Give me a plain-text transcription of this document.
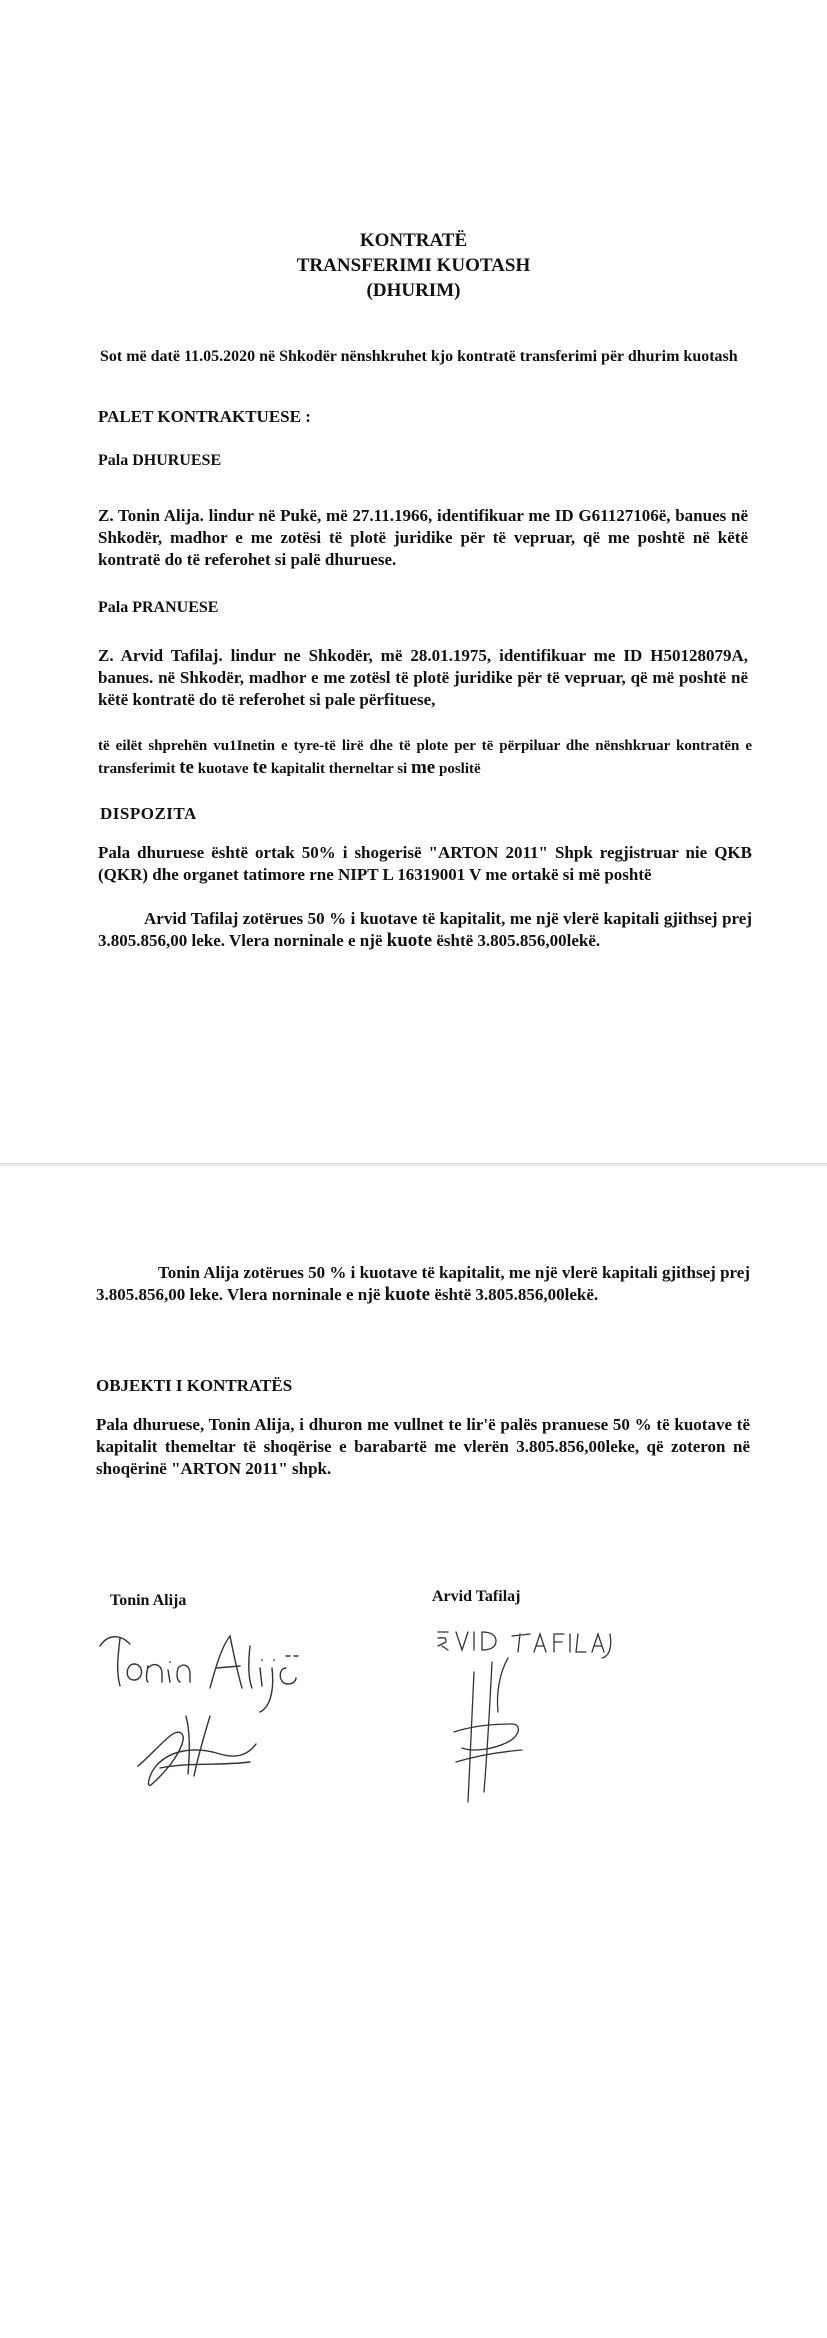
KONTRATË
TRANSFERIMI KUOTASH
(DHURIM)
Sot më datë 11.05.2020 në Shkodër nënshkruhet kjo kontratë transferimi për dhurim kuotash
PALET KONTRAKTUESE :
Pala DHURUESE
Z. Tonin Alija. lindur në Pukë, më 27.11.1966, identifikuar me ID G61127106ë, banues në Shkodër, madhor e me zotësi të plotë juridike për të vepruar, që me poshtë në këtë kontratë do të referohet si palë dhuruese.
Pala PRANUESE
Z. Arvid Tafilaj. lindur ne Shkodër, më 28.01.1975, identifikuar me ID H50128079A, banues. në Shkodër, madhor e me zotësl të plotë juridike për të vepruar, që më poshtë në këtë kontratë do të referohet si pale përfituese,
të eilët shprehën vu1Inetin e tyre-të lirë dhe të plote per të përpiluar dhe nënshkruar kontratën e transferimit te kuotave te kapitalit therneltar si me poslitë
DISPOZITA
Pala dhuruese është ortak 50% i shogerisë "ARTON 2011" Shpk regjistruar nie QKB (QKR) dhe organet tatimore rne NIPT L 16319001 V me ortakë si më poshtë
Arvid Tafilaj zotërues 50 % i kuotave të kapitalit, me një vlerë kapitali gjithsej prej 3.805.856,00 leke. Vlera norninale e një kuote është 3.805.856,00lekë.
Tonin Alija zotërues 50 % i kuotave të kapitalit, me një vlerë kapitali gjithsej prej 3.805.856,00 leke. Vlera norninale e një kuote është 3.805.856,00lekë.
OBJEKTI I KONTRATËS
Pala dhuruese, Tonin Alija, i dhuron me vullnet te lir'ë palës pranuese 50 % të kuotave të kapitalit themeltar të shoqërise e barabartë me vlerën 3.805.856,00leke, që zoteron në shoqërinë "ARTON 2011" shpk.
Tonin Alija	Arvid Tafilaj
